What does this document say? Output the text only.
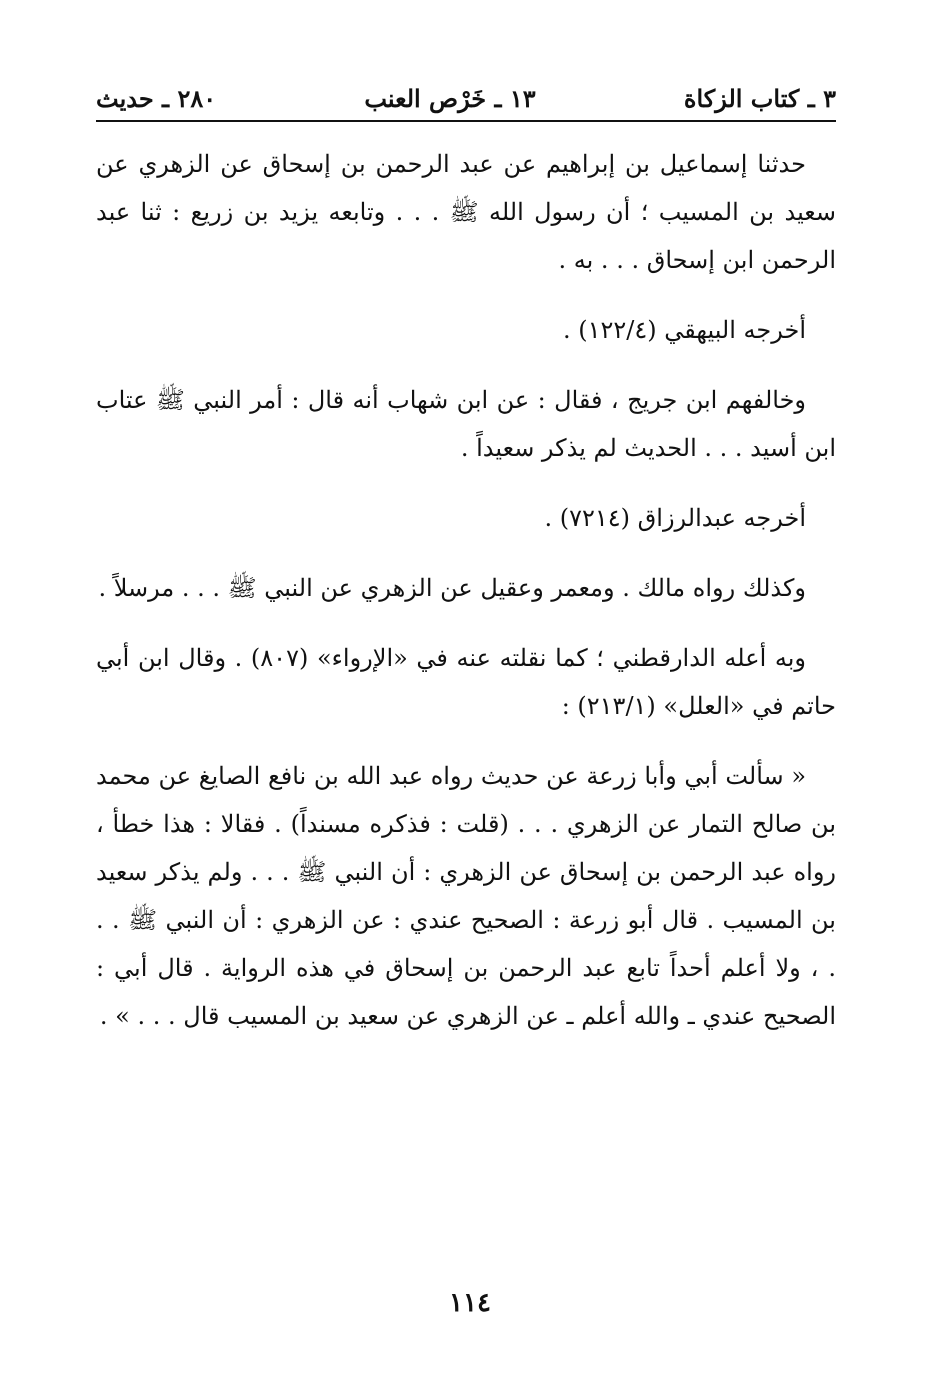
٣ ـ كتاب الزكاة
١٣ ـ خَرْص العنب
٢٨٠ ـ حديث

حدثنا إسماعيل بن إبراهيم عن عبد الرحمن بن إسحاق عن الزهري عن سعيد بن المسيب ؛ أن رسول الله ﷺ . . . وتابعه يزيد بن زريع : ثنا عبد الرحمن ابن إسحاق . . . به .

أخرجه البيهقي (١٢٢/٤) .

وخالفهم ابن جريج ، فقال : عن ابن شهاب أنه قال : أمر النبي ﷺ عتاب ابن أسيد . . . الحديث لم يذكر سعيداً .

أخرجه عبدالرزاق (٧٢١٤) .

وكذلك رواه مالك . ومعمر وعقيل عن الزهري عن النبي ﷺ . . . مرسلاً .

وبه أعله الدارقطني ؛ كما نقلته عنه في «الإرواء» (٨٠٧) . وقال ابن أبي حاتم في «العلل» (٢١٣/١) :

« سألت أبي وأبا زرعة عن حديث رواه عبد الله بن نافع الصايغ عن محمد بن صالح التمار عن الزهري . . . (قلت : فذكره مسنداً) . فقالا : هذا خطأ ، رواه عبد الرحمن بن إسحاق عن الزهري : أن النبي ﷺ . . . ولم يذكر سعيد بن المسيب . قال أبو زرعة : الصحيح عندي : عن الزهري : أن النبي ﷺ . . . ، ولا أعلم أحداً تابع عبد الرحمن بن إسحاق في هذه الرواية . قال أبي : الصحيح عندي ـ والله أعلم ـ عن الزهري عن سعيد بن المسيب قال . . . » .

١١٤
